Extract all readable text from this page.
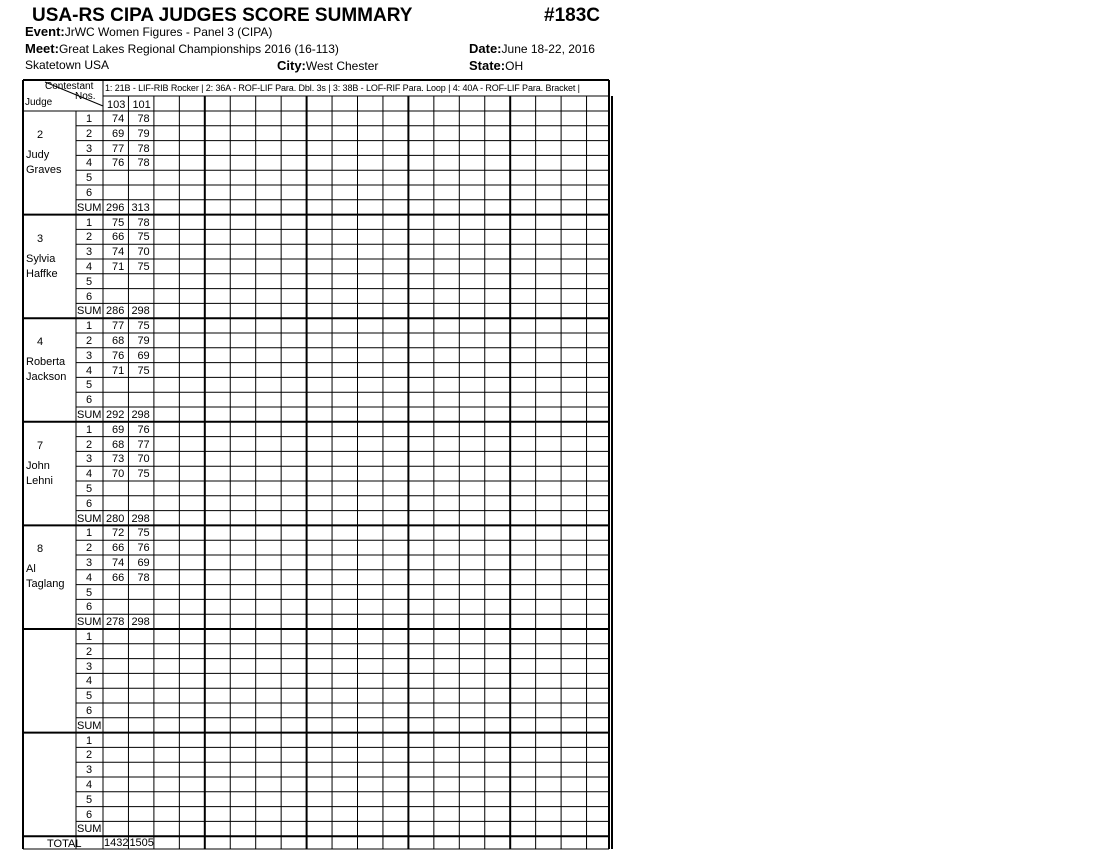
USA-RS CIPA JUDGES SCORE SUMMARY	#183C
Event:JrWC Women Figures - Panel 3 (CIPA)
Meet:Great Lakes Regional Championships 2016 (16-113)	Date:June 18-22, 2016
Skatetown USA	City:West Chester	State:OH
Contestant
Nos.
Judge
1: 21B - LIF-RIB Rocker | 2: 36A - ROF-LIF Para. Dbl. 3s | 3: 38B - LOF-RIF Para. Loop | 4: 40A - ROF-LIF Para. Bracket |
103 101
2
Judy
Graves
1 74 78
2 69 79
3 77 78
4 76 78
5
6
SUM 296 313
3
Sylvia
Haffke
1 75 78
2 66 75
3 74 70
4 71 75
5
6
SUM 286 298
4
Roberta
Jackson
1 77 75
2 68 79
3 76 69
4 71 75
5
6
SUM 292 298
7
John
Lehni
1 69 76
2 68 77
3 73 70
4 70 75
5
6
SUM 280 298
8
Al
Taglang
1 72 75
2 66 76
3 74 69
4 66 78
5
6
SUM 278 298
1
2
3
4
5
6
SUM
1
2
3
4
5
6
SUM
TOTAL 1432 1505
